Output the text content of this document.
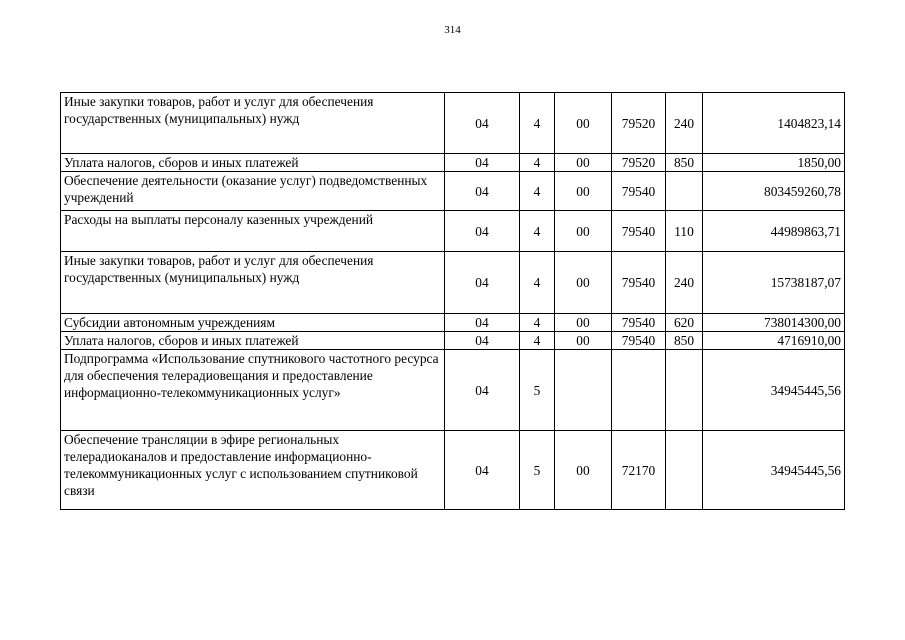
314
Иные закупки товаров, работ и услуг для обеспечения государственных (муниципальных) нужд	04	4	00	79520	240	1404823,14
Уплата налогов, сборов и иных платежей	04	4	00	79520	850	1850,00
Обеспечение деятельности (оказание услуг) подведомственных учреждений	04	4	00	79540		803459260,78
Расходы на выплаты персоналу казенных учреждений	04	4	00	79540	110	44989863,71
Иные закупки товаров, работ и услуг для обеспечения государственных (муниципальных) нужд	04	4	00	79540	240	15738187,07
Субсидии автономным учреждениям	04	4	00	79540	620	738014300,00
Уплата налогов, сборов и иных платежей	04	4	00	79540	850	4716910,00
Подпрограмма «Использование спутникового частотного ресурса для обеспечения телерадиовещания и предоставление информационно-телекоммуникационных услуг»	04	5				34945445,56
Обеспечение трансляции в эфире региональных телерадиоканалов и предоставление информационно-телекоммуникационных услуг с использованием спутниковой связи	04	5	00	72170		34945445,56
